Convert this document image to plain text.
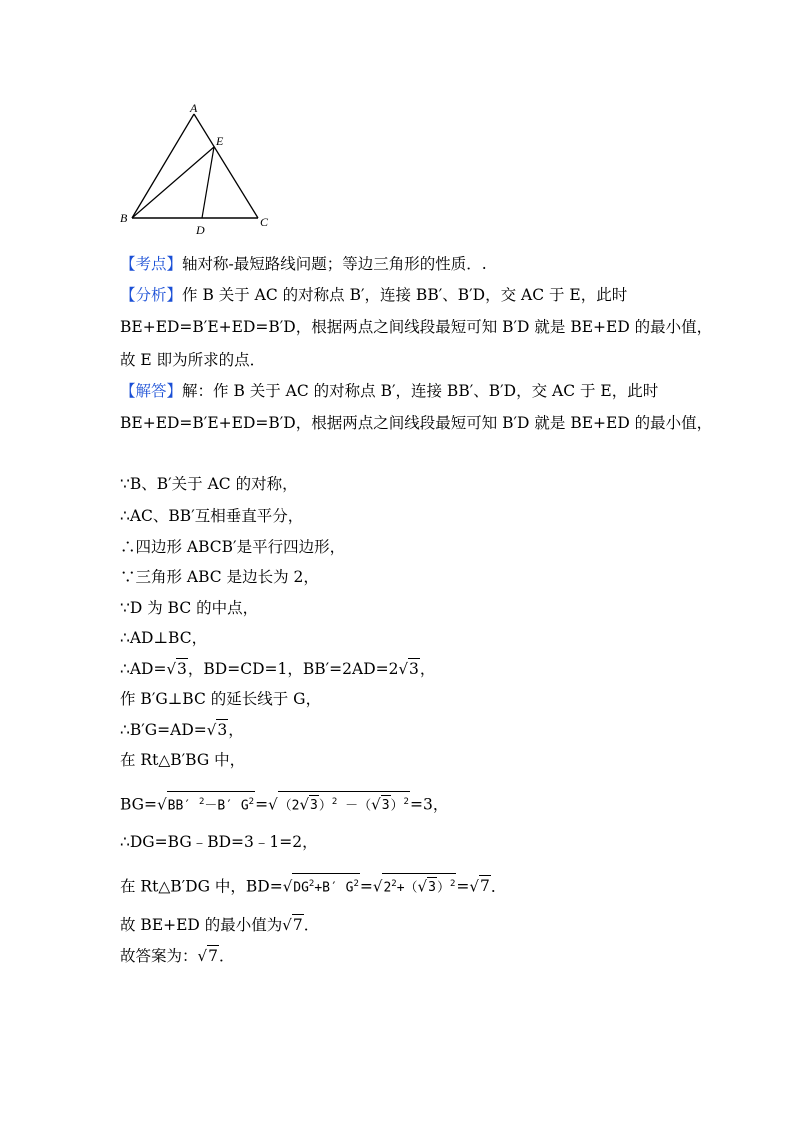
A
E
B	C
D
【考点】轴对称-最短路线问题；等边三角形的性质．.
【分析】作 B 关于 AC 的对称点 B′，连接 BB′、B′D，交 AC 于 E，此时
BE+ED=B′E+ED=B′D，根据两点之间线段最短可知 B′D 就是 BE+ED 的最小值，
故 E 即为所求的点．
【解答】解：作 B 关于 AC 的对称点 B′，连接 BB′、B′D，交 AC 于 E，此时
BE+ED=B′E+ED=B′D，根据两点之间线段最短可知 B′D 就是 BE+ED 的最小值，
∵B、B′关于 AC 的对称，
∴AC、BB′互相垂直平分，
∴四边形 ABCB′是平行四边形，
∵三角形 ABC 是边长为 2，
∵D 为 BC 的中点，
∴AD⊥BC，
∴AD=√3，BD=CD=1，BB′=2AD=2√3，
作 B′G⊥BC 的延长线于 G，
∴B′G=AD=√3，
在 Rt△B′BG 中，
BG=√BB′ $^2$－B′ $G^2=√(2√3)^2 -(√3)^2=3$，
∴DG=BG﹣BD=3﹣1=2，
在 Rt△B′DG 中，$BD=√DG^2+B'$ $G^2=√2^2+(√3)^2=√7$．
故 BE+ED 的最小值为√7．
故答案为：√7．
